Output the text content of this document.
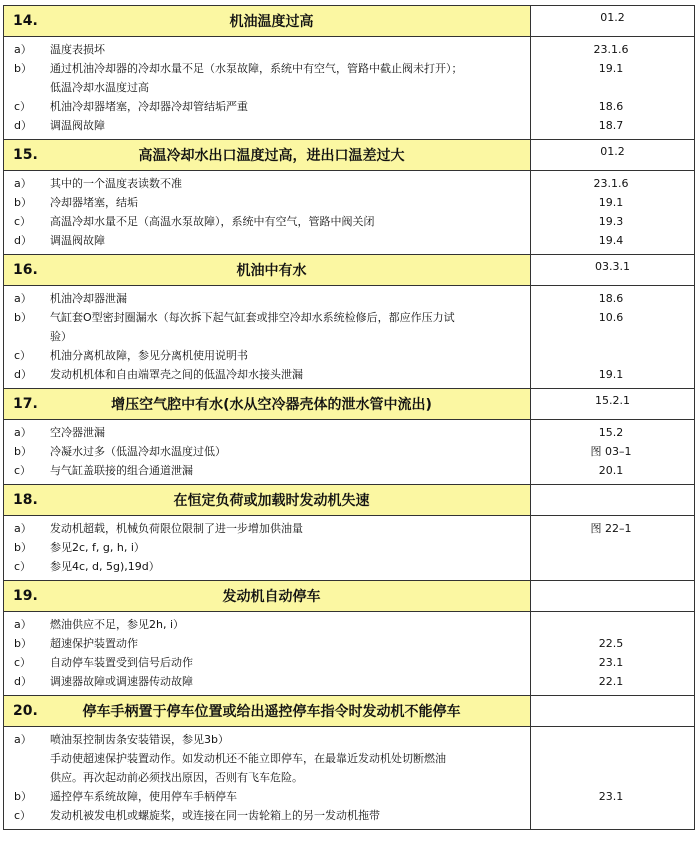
14.	机油温度过高	01.2
a）	温度表损坏	23.1.6
b）	通过机油冷却器的冷却水量不足（水泵故障，系统中有空气，管路中截止阀未打开）；	19.1
低温冷却水温度过高
c）	机油冷却器堵塞，冷却器冷却管结垢严重	18.6
d）	调温阀故障	18.7
15.	高温冷却水出口温度过高，进出口温差过大	01.2
a）	其中的一个温度表读数不准	23.1.6
b）	冷却器堵塞，结垢	19.1
c）	高温冷却水量不足（高温水泵故障），系统中有空气，管路中阀关闭	19.3
d）	调温阀故障	19.4
16.	机油中有水	03.3.1
a）	机油冷却器泄漏	18.6
b）	气缸套O型密封圈漏水（每次拆下起气缸套或排空冷却水系统检修后，都应作压力试	10.6
验）
c）	机油分离机故障，参见分离机使用说明书
d）	发动机机体和自由端罩壳之间的低温冷却水接头泄漏	19.1
17.	增压空气腔中有水(水从空冷器壳体的泄水管中流出)	15.2.1
a）	空冷器泄漏	15.2
b）	冷凝水过多（低温冷却水温度过低）	图 03–1
c）	与气缸盖联接的组合通道泄漏	20.1
18.	在恒定负荷或加载时发动机失速
a）	发动机超载，机械负荷限位限制了进一步增加供油量	图 22–1
b）	参见2c, f, g, h, i）
c）	参见4c, d, 5g),19d）
19.	发动机自动停车
a）	燃油供应不足，参见2h, i）
b）	超速保护装置动作	22.5
c）	自动停车装置受到信号后动作	23.1
d）	调速器故障或调速器传动故障	22.1
20.	停车手柄置于停车位置或给出遥控停车指令时发动机不能停车
a）	喷油泵控制齿条安装错误，参见3b）
手动使超速保护装置动作。如发动机还不能立即停车，在最靠近发动机处切断燃油
供应。再次起动前必须找出原因，否则有飞车危险。
b）	遥控停车系统故障，使用停车手柄停车	23.1
c）	发动机被发电机或螺旋桨，或连接在同一齿轮箱上的另一发动机拖带
